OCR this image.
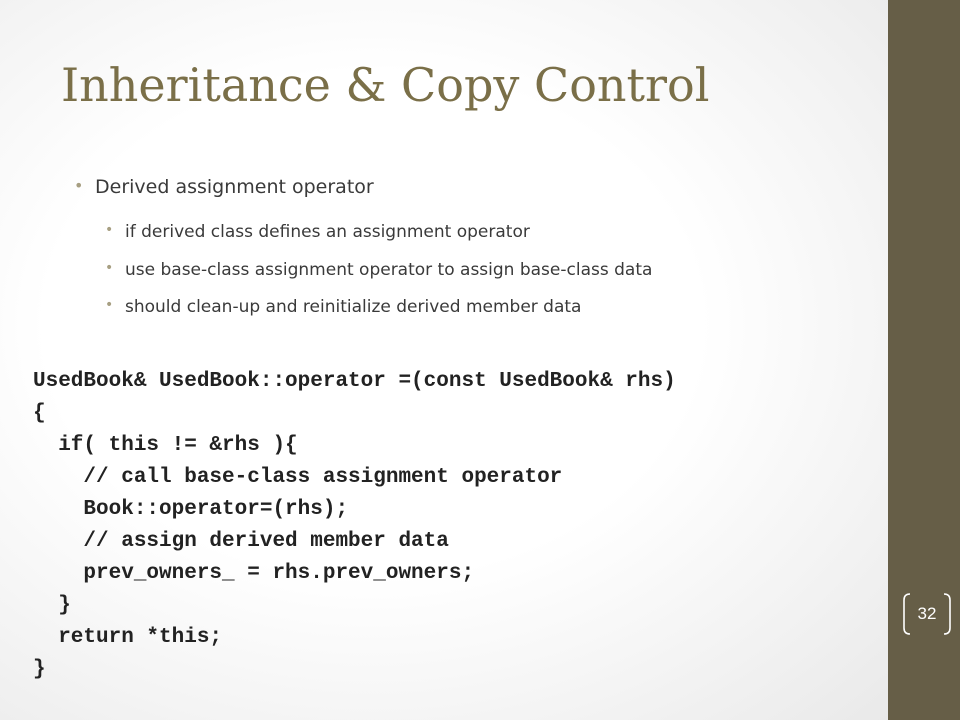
Inheritance & Copy Control
• Derived assignment operator
• if derived class defines an assignment operator
• use base-class assignment operator to assign base-class data
• should clean-up and reinitialize derived member data
UsedBook& UsedBook::operator =(const UsedBook& rhs)
{
if( this != &rhs ){
// call base-class assignment operator
Book::operator=(rhs);
// assign derived member data
prev_owners_ = rhs.prev_owners;
}
return *this;
}
32
